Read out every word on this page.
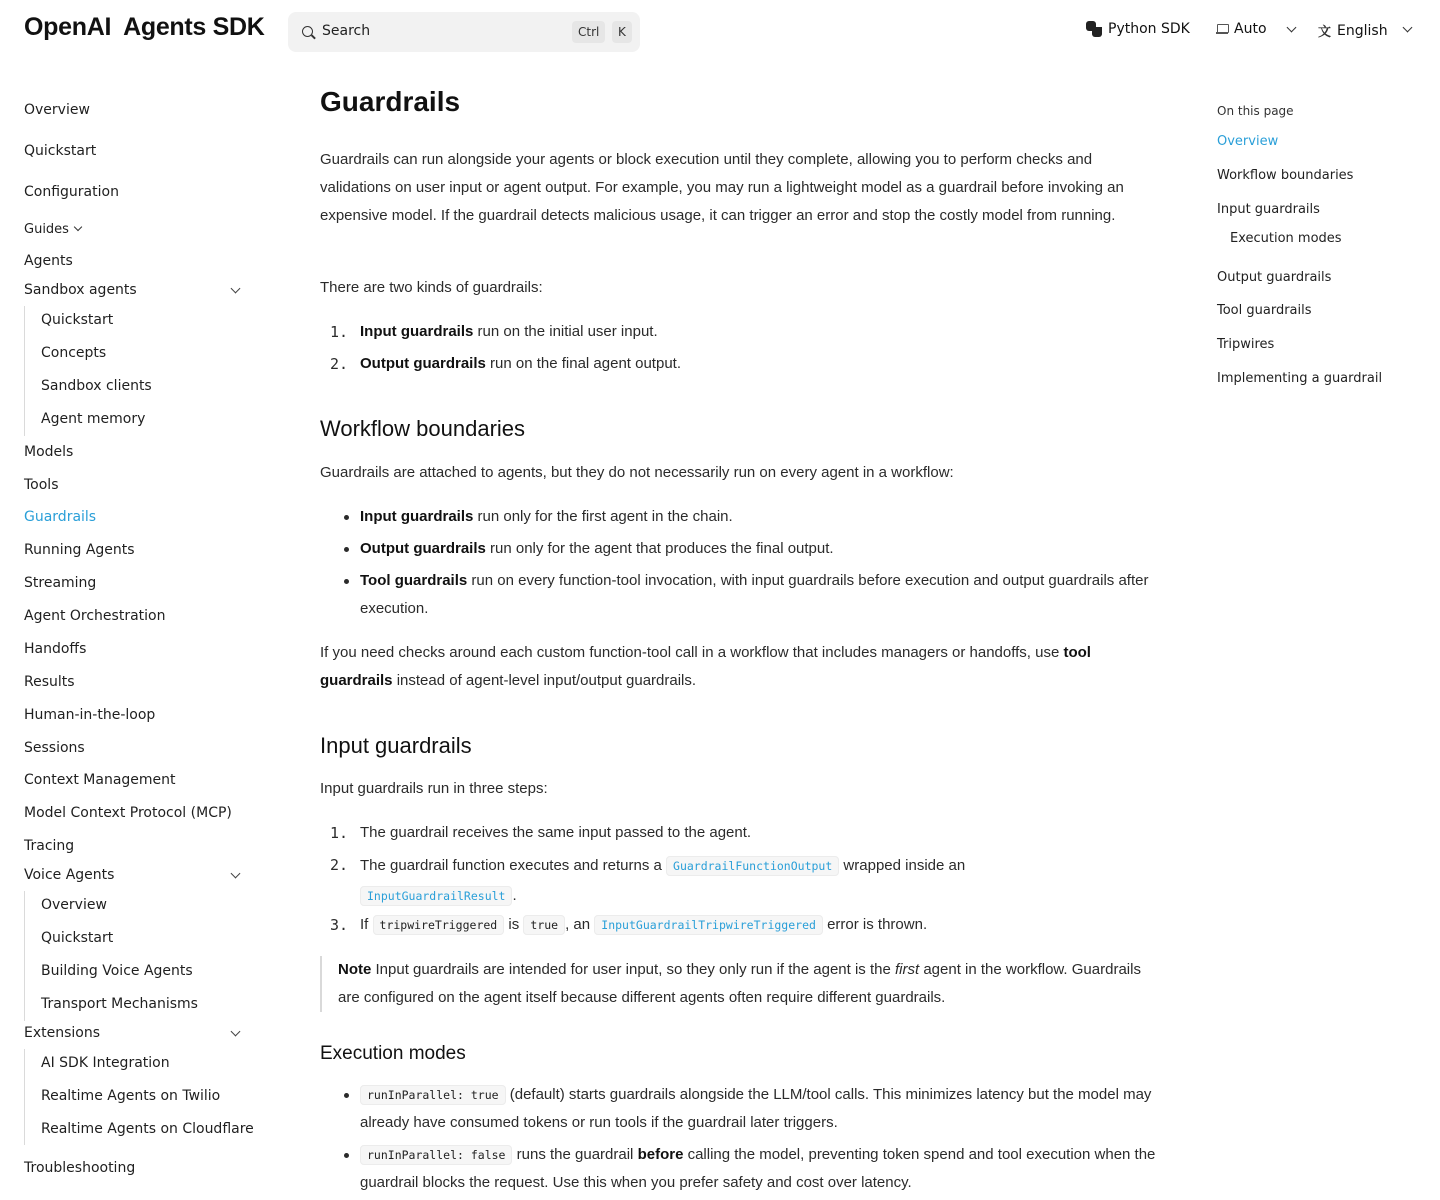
OpenAI Agents SDK	Search	Ctrl	K	Python SDK	Auto	文 English
Overview
Quickstart
Configuration
Guides
Agents
Sandbox agents
Quickstart
Concepts
Sandbox clients
Agent memory
Models
Tools
Guardrails
Running Agents
Streaming
Agent Orchestration
Handoffs
Results
Human-in-the-loop
Sessions
Context Management
Model Context Protocol (MCP)
Tracing
Voice Agents
Overview
Quickstart
Building Voice Agents
Transport Mechanisms
Extensions
AI SDK Integration
Realtime Agents on Twilio
Realtime Agents on Cloudflare
Troubleshooting
Guardrails

Guardrails can run alongside your agents or block execution until they complete, allowing you to perform checks and validations on user input or agent output. For example, you may run a lightweight model as a guardrail before invoking an expensive model. If the guardrail detects malicious usage, it can trigger an error and stop the costly model from running.

There are two kinds of guardrails:

1. Input guardrails run on the initial user input.

2. Output guardrails run on the final agent output.

Workflow boundaries

Guardrails are attached to agents, but they do not necessarily run on every agent in a workflow:

Input guardrails run only for the first agent in the chain.

Output guardrails run only for the agent that produces the final output.

Tool guardrails run on every function-tool invocation, with input guardrails before execution and output guardrails after execution.

If you need checks around each custom function-tool call in a workflow that includes managers or handoffs, use tool guardrails instead of agent-level input/output guardrails.

Input guardrails

Input guardrails run in three steps:

1. The guardrail receives the same input passed to the agent.

2. The guardrail function executes and returns a GuardrailFunctionOutput wrapped inside an
InputGuardrailResult .

3. If tripwireTriggered is true , an InputGuardrailTripwireTriggered error is thrown.

Note Input guardrails are intended for user input, so they only run if the agent is the first agent in the workflow. Guardrails are configured on the agent itself because different agents often require different guardrails.
Execution modes

runInParallel: true (default) starts guardrails alongside the LLM/tool calls. This minimizes latency but the model may already have consumed tokens or run tools if the guardrail later triggers.

runInParallel: false runs the guardrail before calling the model, preventing token spend and tool execution when the guardrail blocks the request. Use this when you prefer safety and cost over latency.

On this page
Overview
Workflow boundaries
Input guardrails
Execution modes
Output guardrails
Tool guardrails
Tripwires
Implementing a guardrail
